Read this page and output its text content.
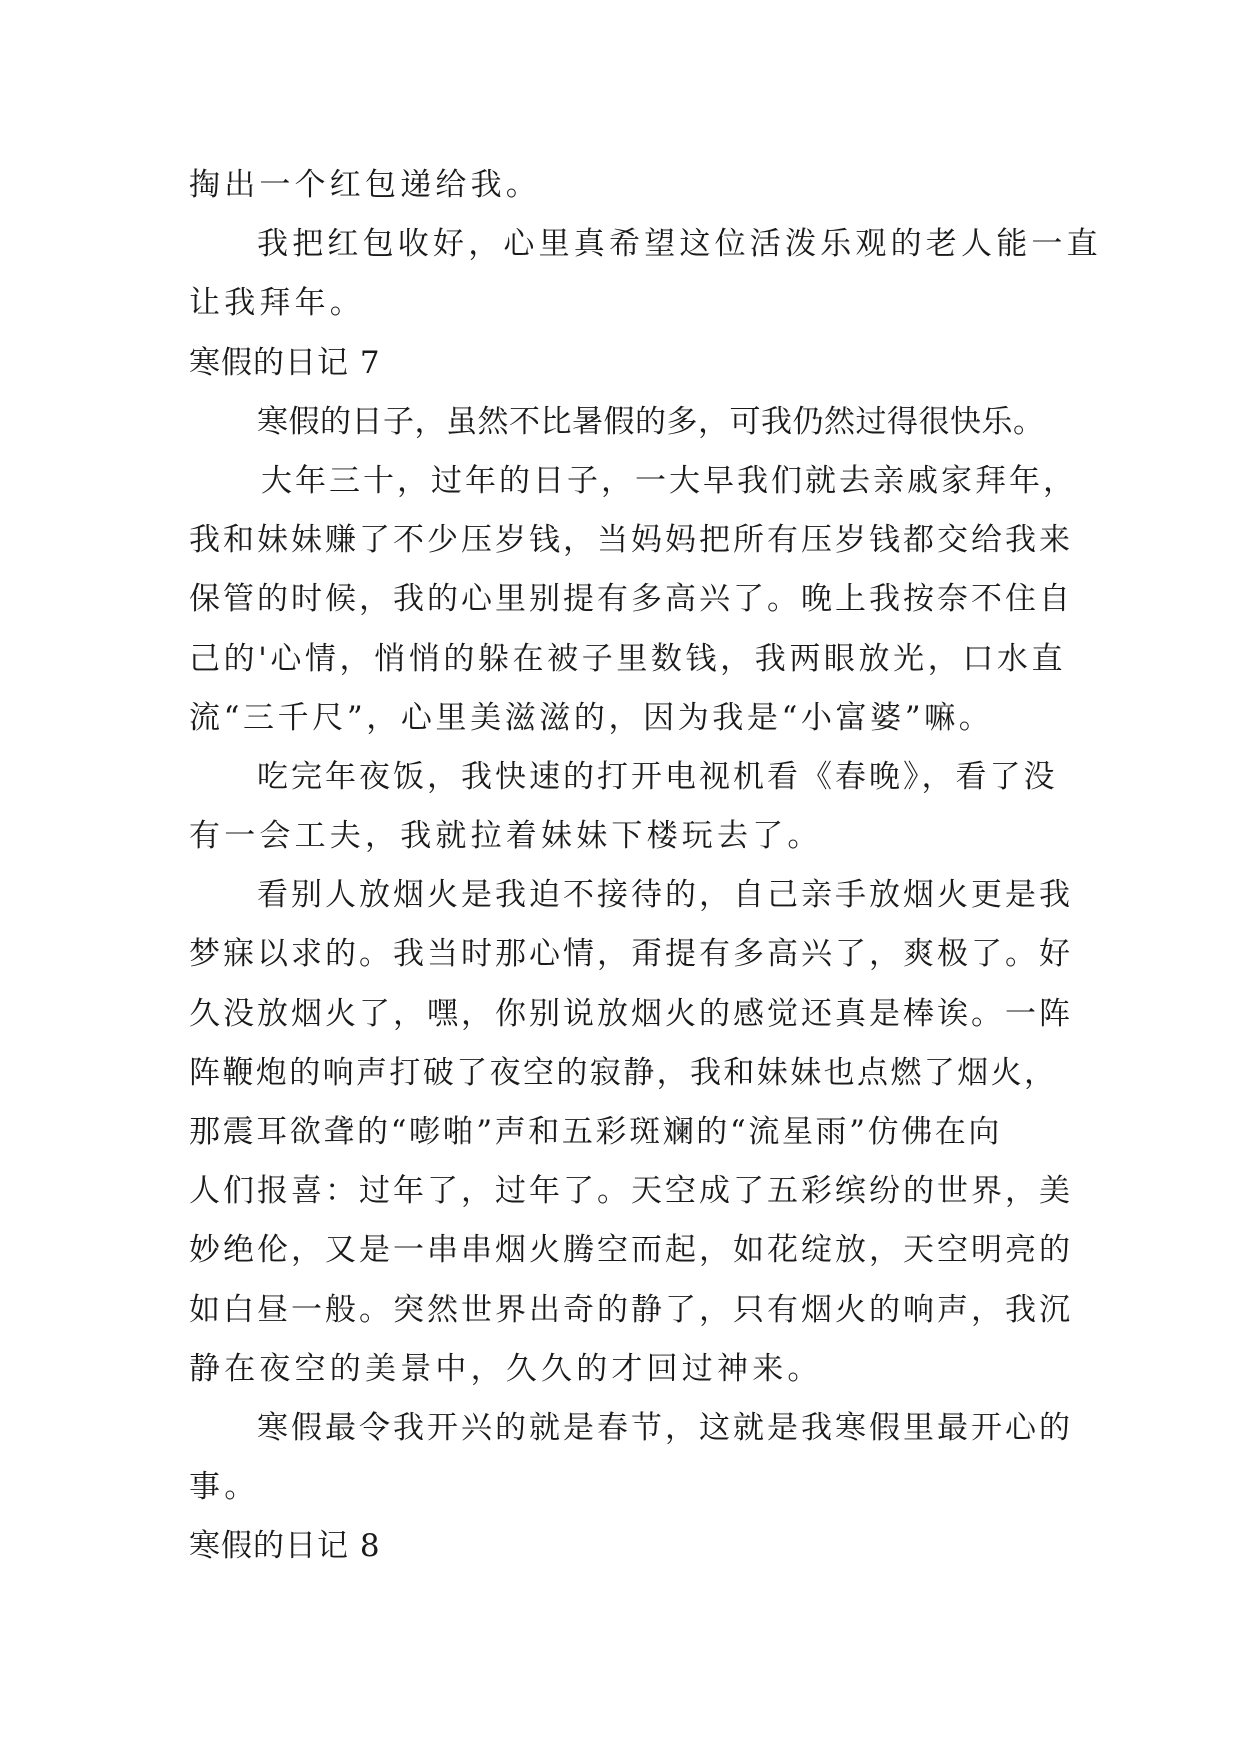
掏出一个红包递给我。
我把红包收好，心里真希望这位活泼乐观的老人能一直
让我拜年。
寒假的日记 7
寒假的日子，虽然不比暑假的多，可我仍然过得很快乐。
大年三十，过年的日子，一大早我们就去亲戚家拜年，
我和妹妹赚了不少压岁钱，当妈妈把所有压岁钱都交给我来
保管的时候，我的心里别提有多高兴了。晚上我按奈不住自
己的'心情，悄悄的躲在被子里数钱，我两眼放光，口水直
流“三千尺”，心里美滋滋的，因为我是“小富婆”嘛。
吃完年夜饭，我快速的打开电视机看《春晚》，看了没
有一会工夫，我就拉着妹妹下楼玩去了。
看别人放烟火是我迫不接待的，自己亲手放烟火更是我
梦寐以求的。我当时那心情，甭提有多高兴了，爽极了。好
久没放烟火了，嘿，你别说放烟火的感觉还真是棒诶。一阵
阵鞭炮的响声打破了夜空的寂静，我和妹妹也点燃了烟火，
那震耳欲聋的“嘭啪”声和五彩斑斓的“流星雨”仿佛在向
人们报喜：过年了，过年了。天空成了五彩缤纷的世界，美
妙绝伦，又是一串串烟火腾空而起，如花绽放，天空明亮的
如白昼一般。突然世界出奇的静了，只有烟火的响声，我沉
静在夜空的美景中，久久的才回过神来。
寒假最令我开兴的就是春节，这就是我寒假里最开心的
事。
寒假的日记 8
